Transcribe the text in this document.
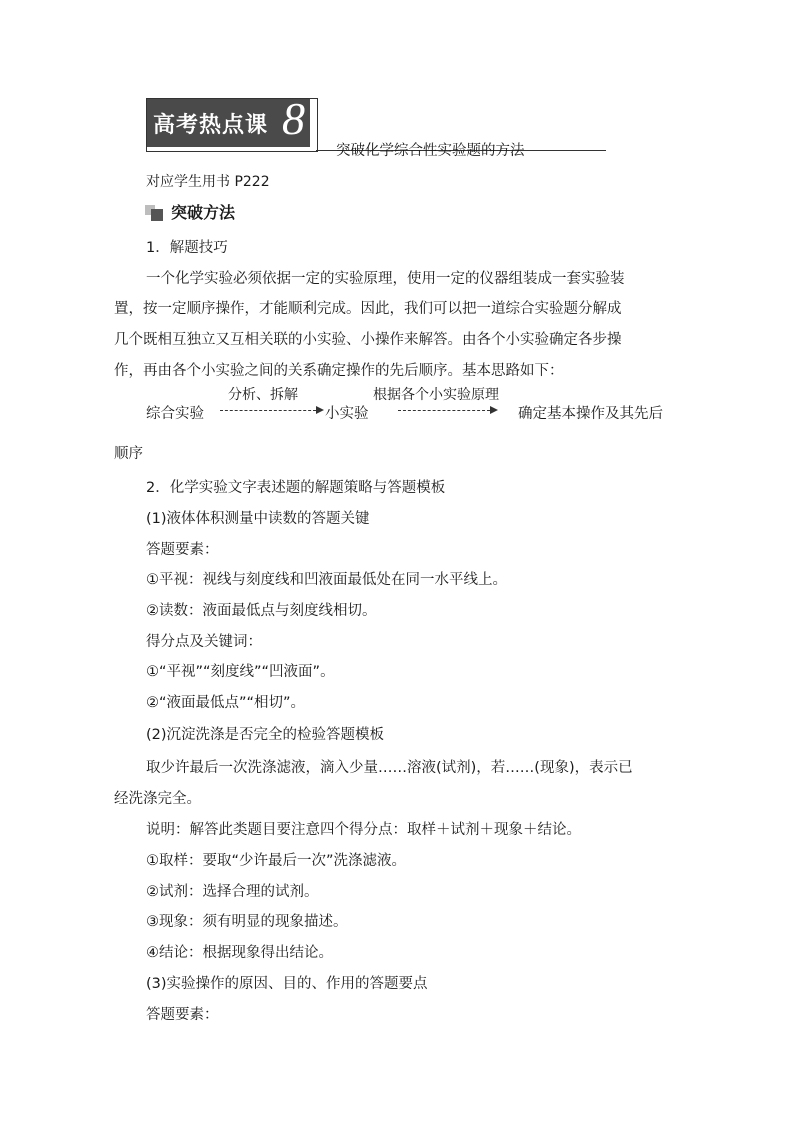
高考热点课 8
突破化学综合性实验题的方法
对应学生用书 P222
突破方法
1．解题技巧
一个化学实验必须依据一定的实验原理，使用一定的仪器组装成一套实验装
置，按一定顺序操作，才能顺利完成。因此，我们可以把一道综合实验题分解成
几个既相互独立又互相关联的小实验、小操作来解答。由各个小实验确定各步操
作，再由各个小实验之间的关系确定操作的先后顺序。基本思路如下：
综合实验
分析、拆解
小实验
根据各个小实验原理
确定基本操作及其先后
顺序
2．化学实验文字表述题的解题策略与答题模板
(1)液体体积测量中读数的答题关键
答题要素：
①平视：视线与刻度线和凹液面最低处在同一水平线上。
②读数：液面最低点与刻度线相切。
得分点及关键词：
①“平视”“刻度线”“凹液面”。
②“液面最低点”“相切”。
(2)沉淀洗涤是否完全的检验答题模板
取少许最后一次洗涤滤液，滴入少量……溶液(试剂)，若……(现象)，表示已
经洗涤完全。
说明：解答此类题目要注意四个得分点：取样＋试剂＋现象＋结论。
①取样：要取“少许最后一次”洗涤滤液。
②试剂：选择合理的试剂。
③现象：须有明显的现象描述。
④结论：根据现象得出结论。
(3)实验操作的原因、目的、作用的答题要点
答题要素：
